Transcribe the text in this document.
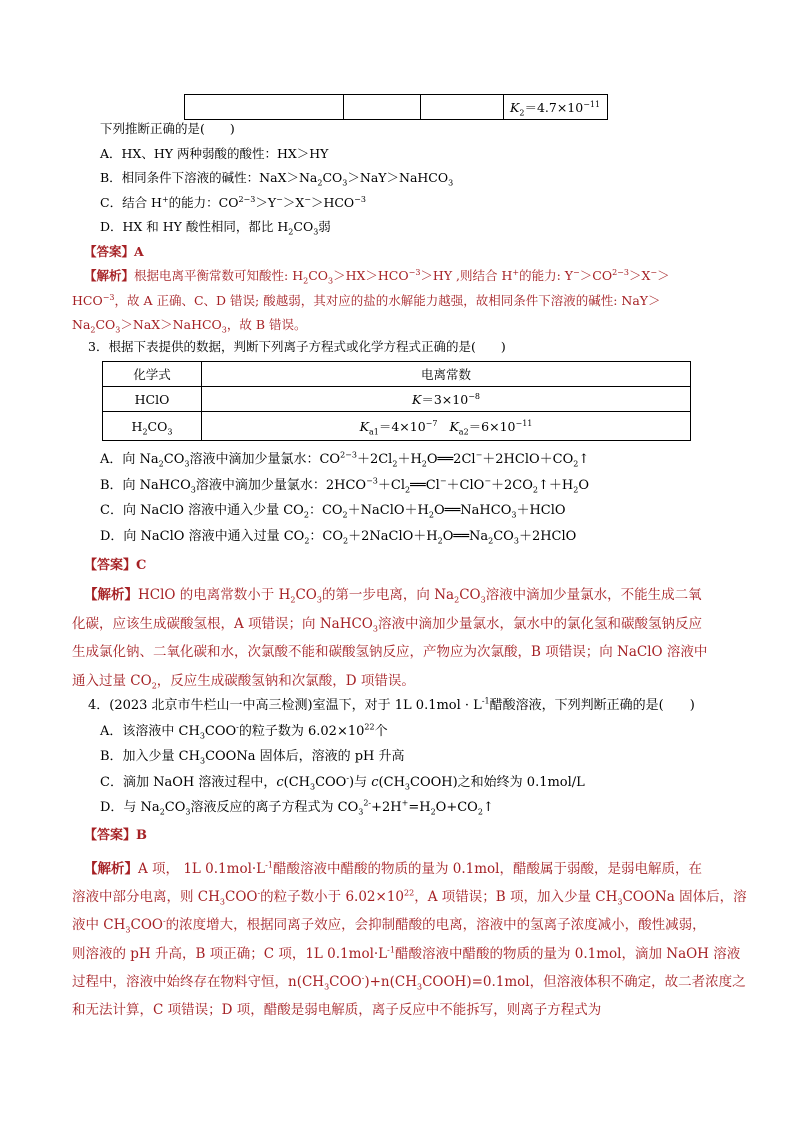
			$K_2=4.7\times 10^{-11}$
下列推断正确的是(　　)
A．HX、HY 两种弱酸的酸性：HX＞HY
B．相同条件下溶液的碱性：$NaX>Na_2CO_3>NaY>NaHCO_3$
C．结合 H+的能力：$CO^{2-3}>Y^->X^->HCO^{-3}$
D．HX 和 HY 酸性相同，都比 $H_2CO_3$弱
【答案】A
【解析】根据电离平衡常数可知酸性: $H_2CO_3>HX>HCO^{-3}>HY$ ,则结合 H+的能力: $Y^->CO^{2-3}>X^->$
$HCO^{-3}$，故 A 正确、C、D 错误; 酸越弱，其对应的盐的水解能力越强，故相同条件下溶液的碱性: NaY＞
$Na_2CO_3>NaX>NaHCO_3$，故 B 错误。
3．根据下表提供的数据，判断下列离子方程式或化学方程式正确的是(　　)
化学式	电离常数
HClO	$K=3\times 10^{-8}$
$H_2CO_3$	$K_{a1}=4\times 10^{-7}$ $K_{a2}=6\times 10^{-11}$
A．向 $Na_2CO_3$溶液中滴加少量氯水：$CO^{2-3}+2Cl_2+H_2O══2Cl^-+2HClO+CO_2↑$
B．向 NaHCO$_3$溶液中滴加少量氯水：$2HCO^{-3}+Cl_2══Cl^-+ClO^-+2CO_2↑+H_2O$
C．向 NaClO 溶液中通入少量 $CO_2$：$CO_2+NaClO+H_2O══NaHCO_3+HClO$
D．向 NaClO 溶液中通入过量 $CO_2$：$CO_2+2NaClO+H_2O══Na_2CO_3+2HClO$
【答案】C
【解析】HClO 的电离常数小于 $H_2CO_3$的第一步电离，向 $Na_2CO_3$溶液中滴加少量氯水，不能生成二氧
化碳，应该生成碳酸氢根，A 项错误；向 NaHCO$_3$溶液中滴加少量氯水，氯水中的氯化氢和碳酸氢钠反应
生成氯化钠、二氧化碳和水，次氯酸不能和碳酸氢钠反应，产物应为次氯酸，B 项错误；向 NaClO 溶液中
通入过量 $CO_2$，反应生成碳酸氢钠和次氯酸，D 项错误。
4．(2023 北京市牛栏山一中高三检测)室温下，对于 1L $0.1mol \cdot L^{-1}$醋酸溶液，下列判断正确的是(　　)
A．该溶液中 $CH_3COO^-$的粒子数为 $6.02\times 10^{22}$个
B．加入少量 $CH_3COONa$ 固体后，溶液的 pH 升高
C．滴加 NaOH 溶液过程中，$c(CH_3COO^-)$与 $c(CH_3COOH)$之和始终为 0.1mol/L
D．与 $Na_2CO_3$溶液反应的离子方程式为 $CO_3^{2-}+2H^+=H_2O+CO_2↑$
【答案】B
【解析】A 项， 1L $0.1mol\cdot L^{-1}$醋酸溶液中醋酸的物质的量为 0.1mol，醋酸属于弱酸，是弱电解质，在
溶液中部分电离，则 $CH_3COO^-$的粒子数小于 $6.02\times 10^{22}$，A 项错误；B 项，加入少量 $CH_3COONa$ 固体后，溶
液中 $CH_3COO^-$的浓度增大，根据同离子效应，会抑制醋酸的电离，溶液中的氢离子浓度减小，酸性减弱，
则溶液的 pH 升高，B 项正确；C 项，1L $0.1mol\cdot L^{-1}$醋酸溶液中醋酸的物质的量为 0.1mol，滴加 NaOH 溶液
过程中，溶液中始终存在物料守恒，$n(CH_3COO^-)+n(CH_3COOH)=0.1mol$，但溶液体积不确定，故二者浓度之
和无法计算，C 项错误；D 项，醋酸是弱电解质，离子反应中不能拆写，则离子方程式为
